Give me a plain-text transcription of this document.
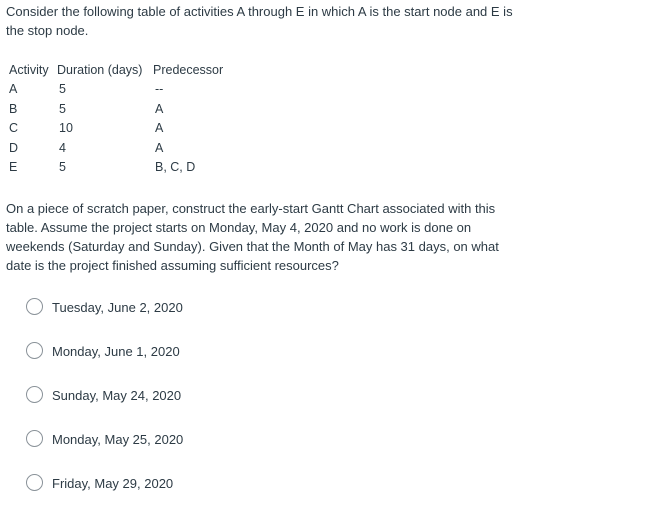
Consider the following table of activities A through E in which A is the start node and E is the stop node.

Activity Duration (days) Predecessor
A	5	--
B	5	A
C	10	A
D	4	A
E	5	B, C, D

On a piece of scratch paper, construct the early-start Gantt Chart associated with this table. Assume the project starts on Monday, May 4, 2020 and no work is done on weekends (Saturday and Sunday). Given that the Month of May has 31 days, on what date is the project finished assuming sufficient resources?

Tuesday, June 2, 2020
Monday, June 1, 2020
Sunday, May 24, 2020
Monday, May 25, 2020
Friday, May 29, 2020
